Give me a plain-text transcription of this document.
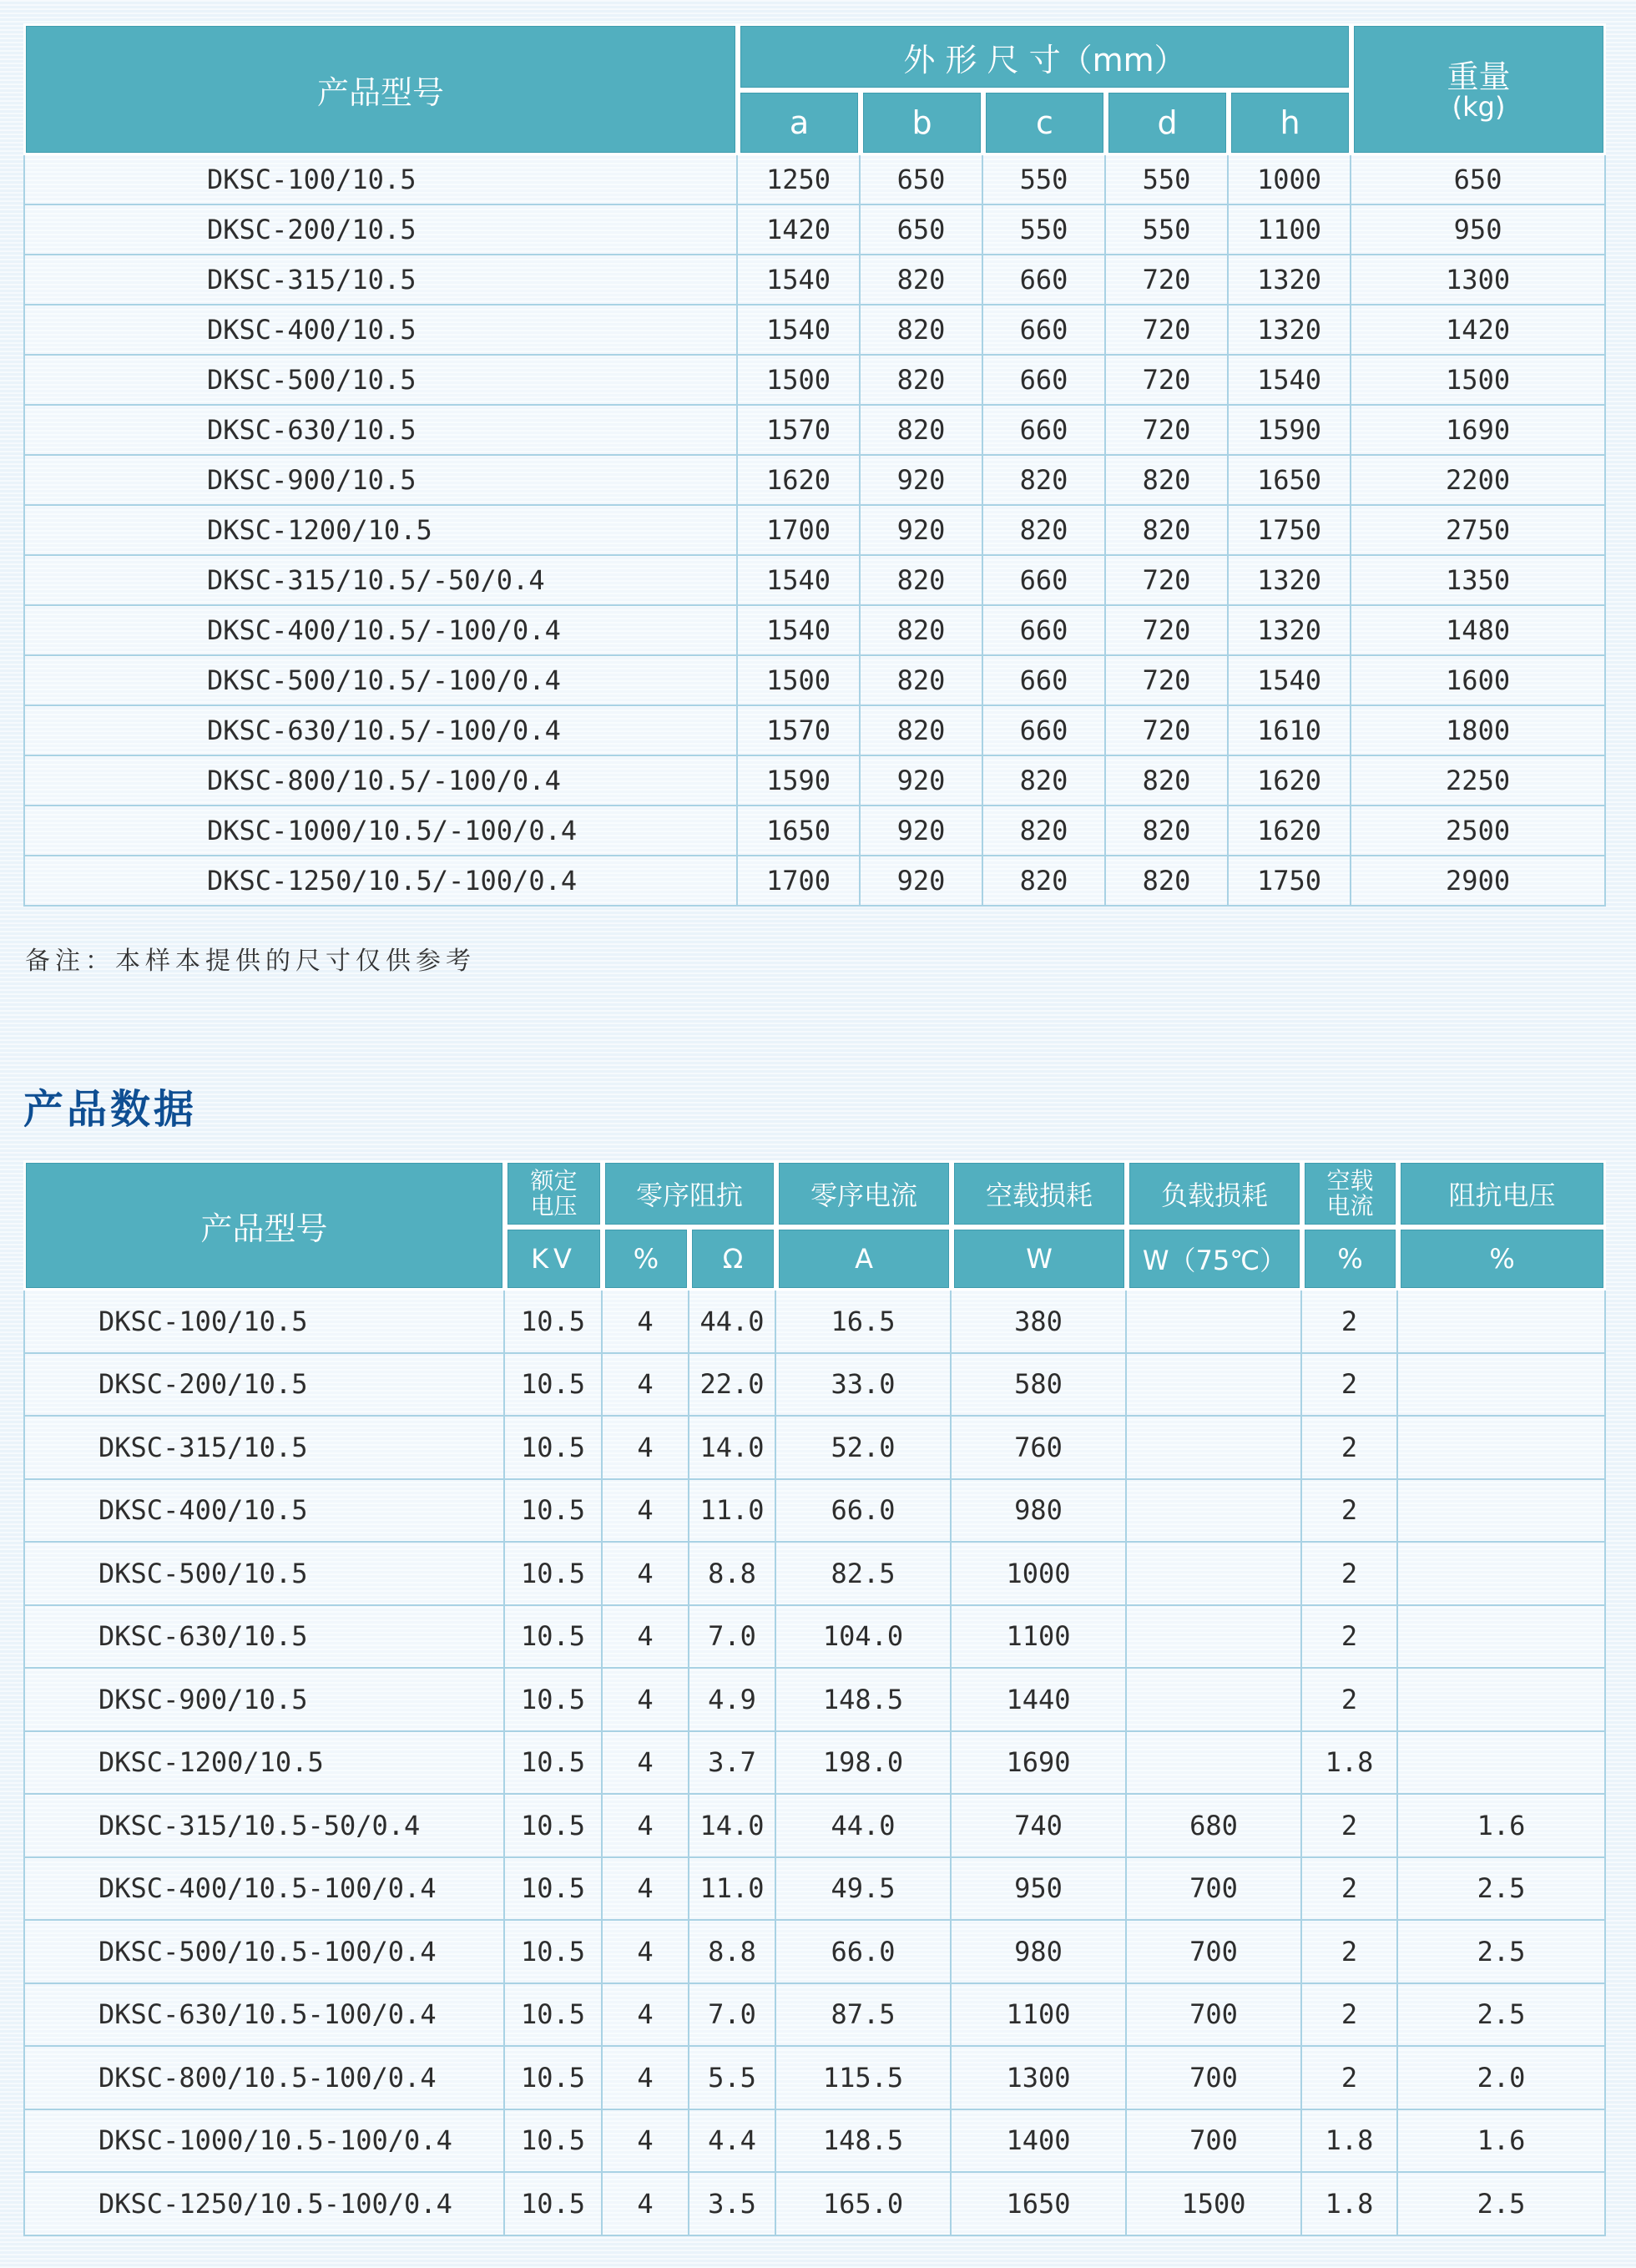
产品型号	外 形 尺 寸（mm）					重量
(kg)

	a	b	c	d	h	
DKSC-100/10.5	1250	650	550	550	1000	650
DKSC-200/10.5	1420	650	550	550	1100	950
DKSC-315/10.5	1540	820	660	720	1320	1300
DKSC-400/10.5	1540	820	660	720	1320	1420
DKSC-500/10.5	1500	820	660	720	1540	1500
DKSC-630/10.5	1570	820	660	720	1590	1690
DKSC-900/10.5	1620	920	820	820	1650	2200
DKSC-1200/10.5	1700	920	820	820	1750	2750
DKSC-315/10.5/-50/0.4	1540	820	660	720	1320	1350
DKSC-400/10.5/-100/0.4	1540	820	660	720	1320	1480
DKSC-500/10.5/-100/0.4	1500	820	660	720	1540	1600
DKSC-630/10.5/-100/0.4	1570	820	660	720	1610	1800
DKSC-800/10.5/-100/0.4	1590	920	820	820	1620	2250
DKSC-1000/10.5/-100/0.4	1650	920	820	820	1620	2500
DKSC-1250/10.5/-100/0.4	1700	920	820	820	1750	2900
备注：本样本提供的尺寸仅供参考
产品数据
产品型号	额定
电压	零序阻抗		零序电流	空载损耗	负载损耗	空载
电流	阻抗电压
	KV	%	Ω	A	W	W（75℃）	%	%
DKSC-100/10.5	10.5	4	44.0	16.5	380		2	
DKSC-200/10.5	10.5	4	22.0	33.0	580		2	
DKSC-315/10.5	10.5	4	14.0	52.0	760		2	
DKSC-400/10.5	10.5	4	11.0	66.0	980		2	
DKSC-500/10.5	10.5	4	8.8	82.5	1000		2	
DKSC-630/10.5	10.5	4	7.0	104.0	1100		2	
DKSC-900/10.5	10.5	4	4.9	148.5	1440		2	
DKSC-1200/10.5	10.5	4	3.7	198.0	1690		1.8	
DKSC-315/10.5-50/0.4	10.5	4	14.0	44.0	740	680	2	1.6
DKSC-400/10.5-100/0.4	10.5	4	11.0	49.5	950	700	2	2.5
DKSC-500/10.5-100/0.4	10.5	4	8.8	66.0	980	700	2	2.5
DKSC-630/10.5-100/0.4	10.5	4	7.0	87.5	1100	700	2	2.5
DKSC-800/10.5-100/0.4	10.5	4	5.5	115.5	1300	700	2	2.0
DKSC-1000/10.5-100/0.4	10.5	4	4.4	148.5	1400	700	1.8	1.6
DKSC-1250/10.5-100/0.4	10.5	4	3.5	165.0	1650	1500	1.8	2.5
